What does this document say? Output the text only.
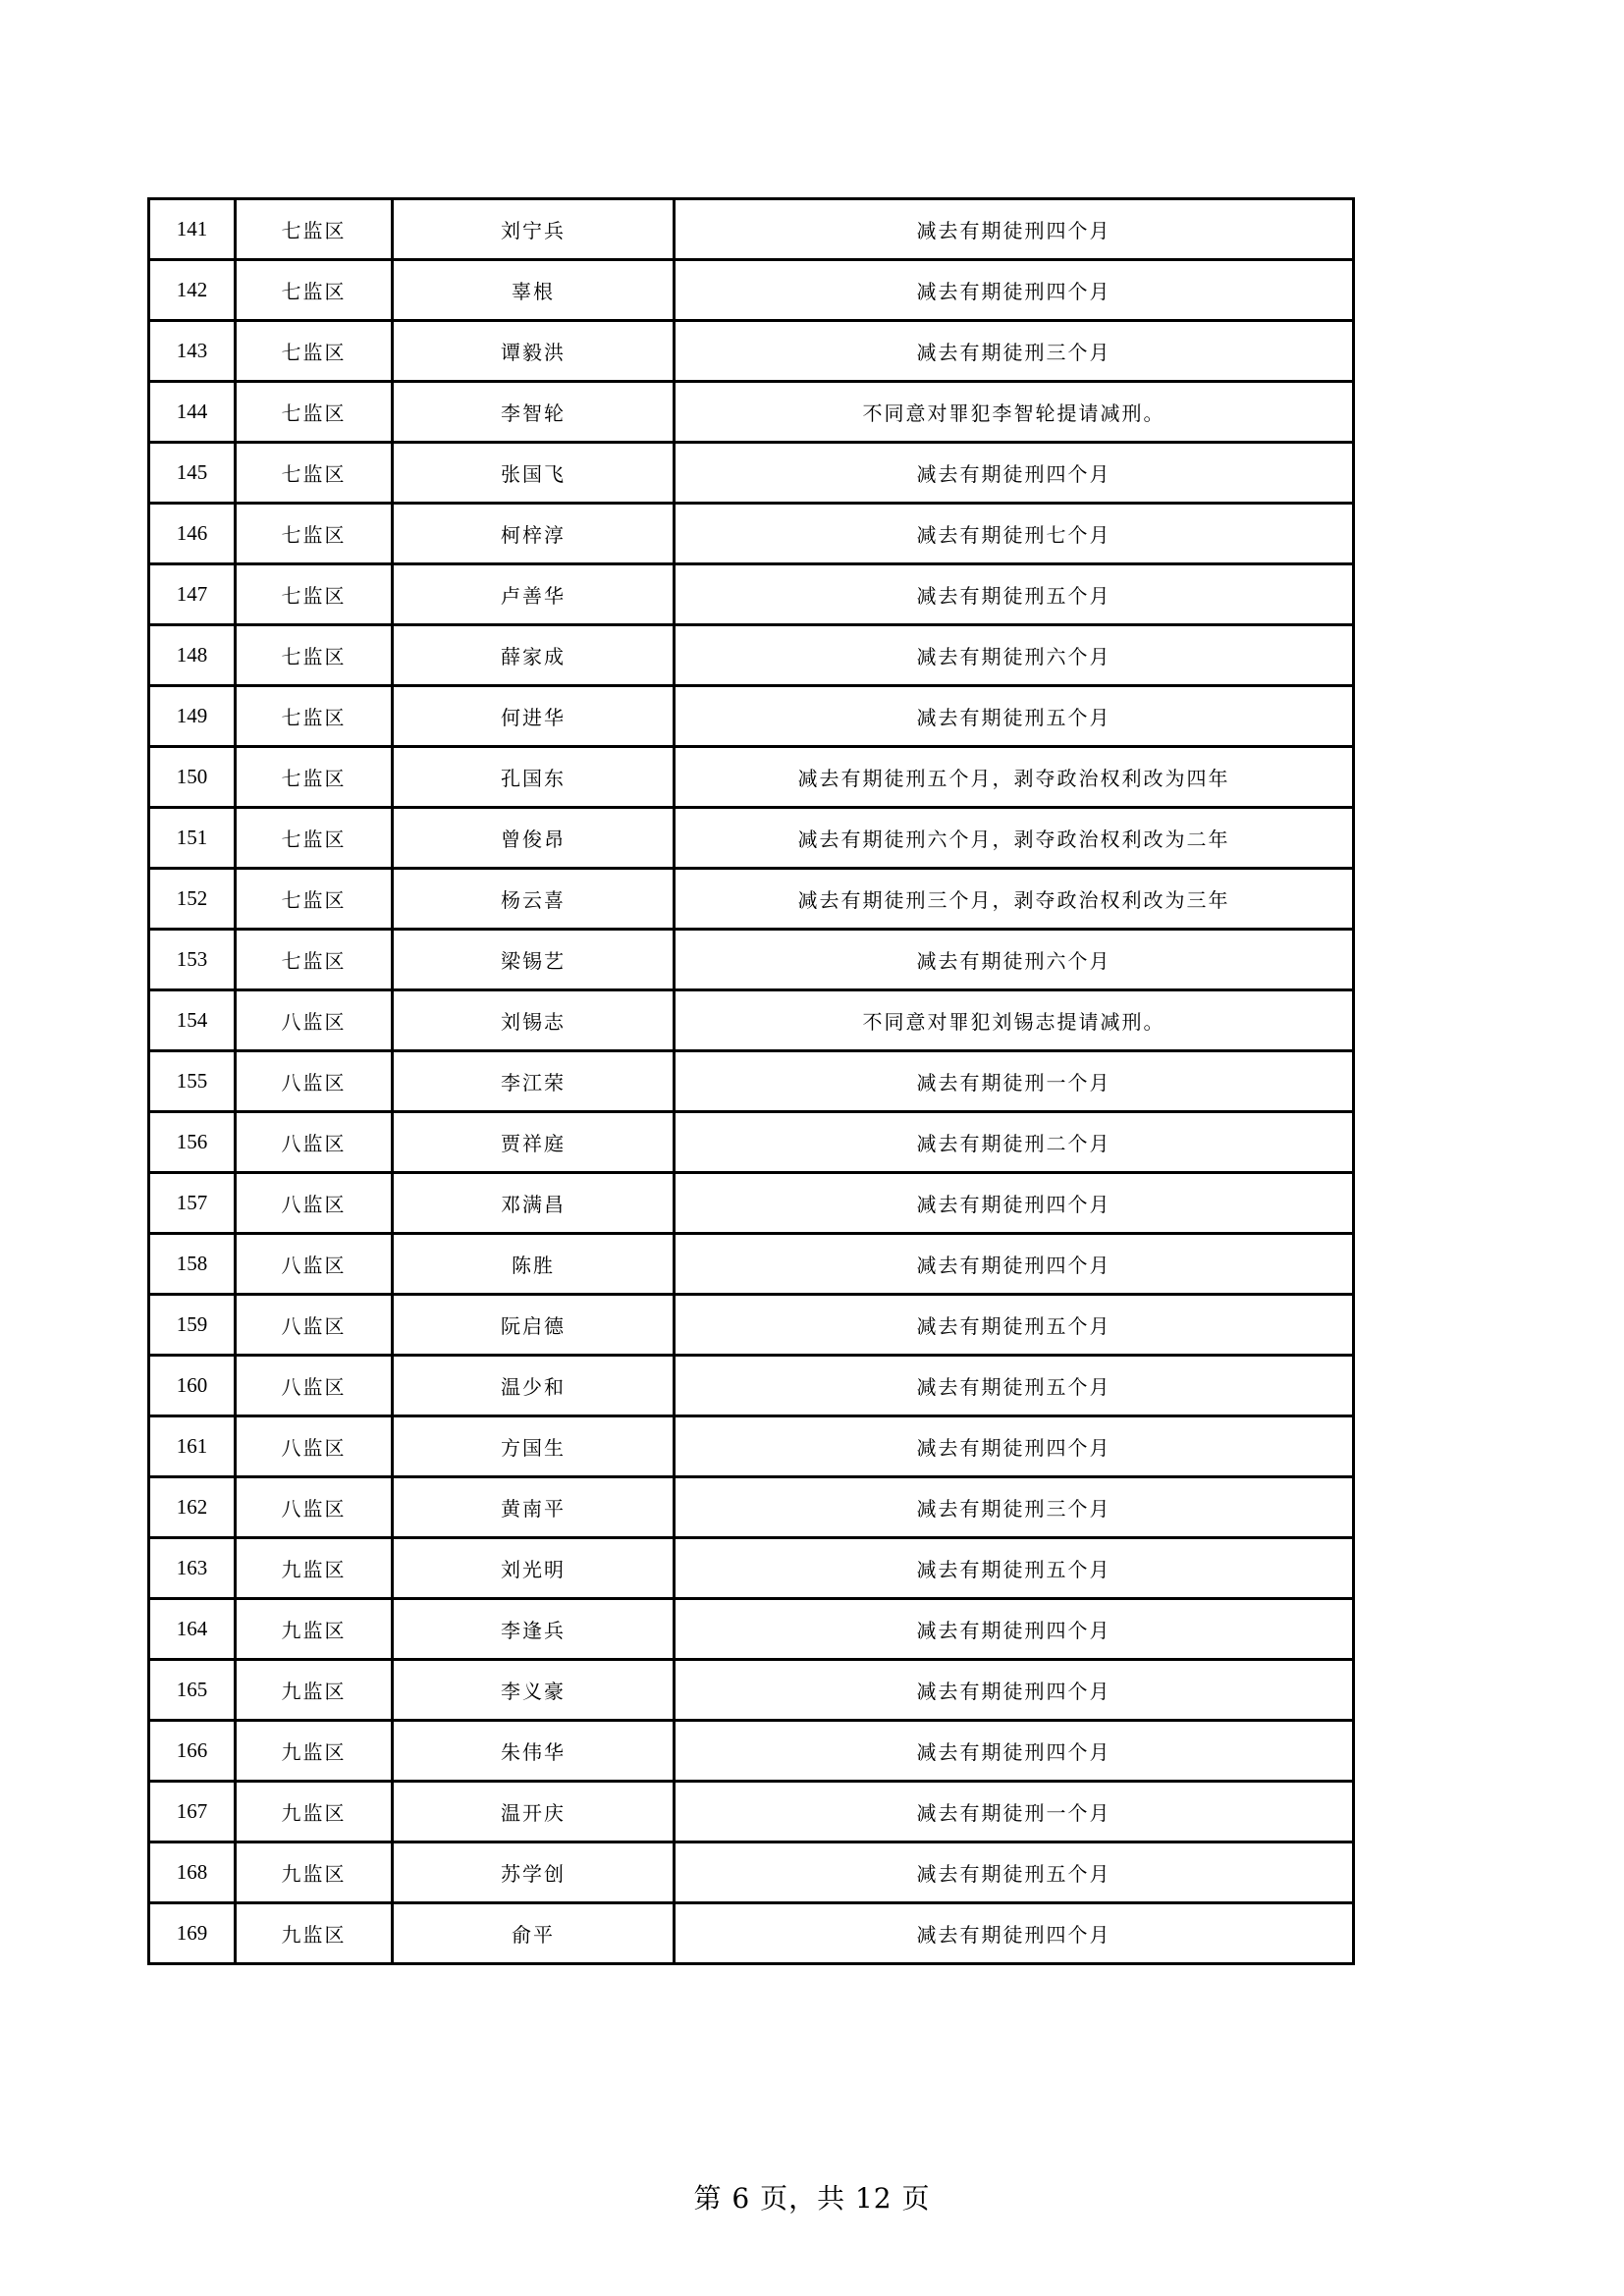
141	七监区	刘宁兵	减去有期徒刑四个月
142	七监区	辜根	减去有期徒刑四个月
143	七监区	谭毅洪	减去有期徒刑三个月
144	七监区	李智轮	不同意对罪犯李智轮提请减刑。
145	七监区	张国飞	减去有期徒刑四个月
146	七监区	柯梓淳	减去有期徒刑七个月
147	七监区	卢善华	减去有期徒刑五个月
148	七监区	薛家成	减去有期徒刑六个月
149	七监区	何进华	减去有期徒刑五个月
150	七监区	孔国东	减去有期徒刑五个月，剥夺政治权利改为四年
151	七监区	曾俊昂	减去有期徒刑六个月，剥夺政治权利改为二年
152	七监区	杨云喜	减去有期徒刑三个月，剥夺政治权利改为三年
153	七监区	梁锡艺	减去有期徒刑六个月
154	八监区	刘锡志	不同意对罪犯刘锡志提请减刑。
155	八监区	李江荣	减去有期徒刑一个月
156	八监区	贾祥庭	减去有期徒刑二个月
157	八监区	邓满昌	减去有期徒刑四个月
158	八监区	陈胜	减去有期徒刑四个月
159	八监区	阮启德	减去有期徒刑五个月
160	八监区	温少和	减去有期徒刑五个月
161	八监区	方国生	减去有期徒刑四个月
162	八监区	黄南平	减去有期徒刑三个月
163	九监区	刘光明	减去有期徒刑五个月
164	九监区	李逢兵	减去有期徒刑四个月
165	九监区	李义豪	减去有期徒刑四个月
166	九监区	朱伟华	减去有期徒刑四个月
167	九监区	温开庆	减去有期徒刑一个月
168	九监区	苏学创	减去有期徒刑五个月
169	九监区	俞平	减去有期徒刑四个月
第 6 页，共 12 页
